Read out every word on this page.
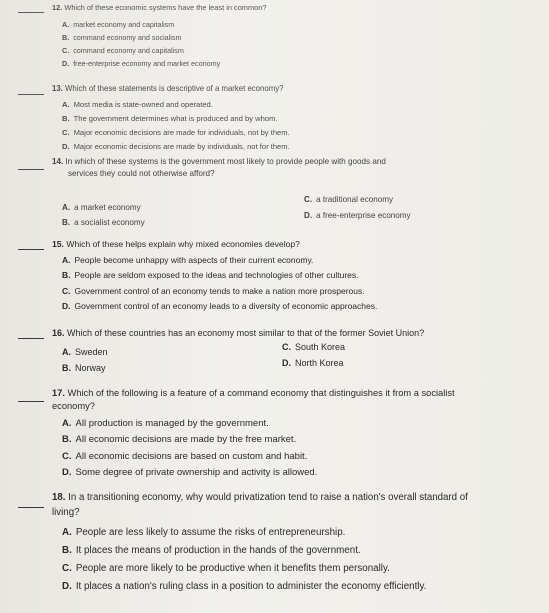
12. Which of these economic systems have the least in common?
A. market economy and capitalism
B. command economy and socialism
C. command economy and capitalism
D. free-enterprise economy and market economy
13. Which of these statements is descriptive of a market economy?
A. Most media is state-owned and operated.
B. The government determines what is produced and by whom.
C. Major economic decisions are made for individuals, not by them.
D. Major economic decisions are made by individuals, not for them.
14. In which of these systems is the government most likely to provide people with goods and
services they could not otherwise afford?
A. a market economy
B. a socialist economy
C. a traditional economy
D. a free-enterprise economy
15. Which of these helps explain why mixed economies develop?
A. People become unhappy with aspects of their current economy.
B. People are seldom exposed to the ideas and technologies of other cultures.
C. Government control of an economy tends to make a nation more prosperous.
D. Government control of an economy leads to a diversity of economic approaches.
16. Which of these countries has an economy most similar to that of the former Soviet Union?
A. Sweden
B. Norway
C. South Korea
D. North Korea
17. Which of the following is a feature of a command economy that distinguishes it from a socialist
economy?
A. All production is managed by the government.
B. All economic decisions are made by the free market.
C. All economic decisions are based on custom and habit.
D. Some degree of private ownership and activity is allowed.
18. In a transitioning economy, why would privatization tend to raise a nation's overall standard of
living?
A. People are less likely to assume the risks of entrepreneurship.
B. It places the means of production in the hands of the government.
C. People are more likely to be productive when it benefits them personally.
D. It places a nation's ruling class in a position to administer the economy efficiently.
